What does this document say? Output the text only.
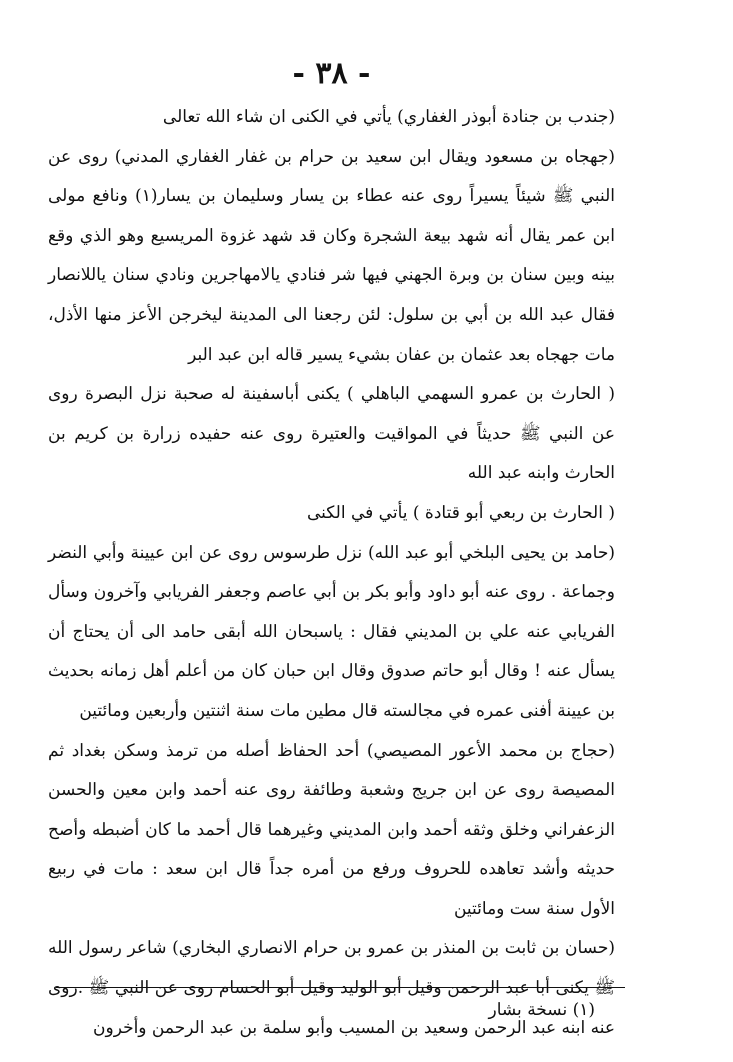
- ٣٨ -

(جندب بن جنادة أبوذر الغفاري) يأتي في الكنى ان شاء الله تعالى

(جهجاه بن مسعود ويقال ابن سعيد بن حرام بن غفار الغفاري المدني) روى عن النبي ﷺ شيئاً يسيراً روى عنه عطاء بن يسار وسليمان بن يسار(١) ونافع مولى ابن عمر يقال أنه شهد بيعة الشجرة وكان قد شهد غزوة المريسيع وهو الذي وقع بينه وبين سنان بن وبرة الجهني فيها شر فنادي يالامهاجرين ونادي سنان ياللانصار فقال عبد الله بن أبي بن سلول: لئن رجعنا الى المدينة ليخرجن الأعز منها الأذل، مات جهجاه بعد عثمان بن عفان بشيء يسير قاله ابن عبد البر

( الحارث بن عمرو السهمي الباهلي ) يكنى أباسفينة له صحبة نزل البصرة روى عن النبي ﷺ حديثاً في المواقيت والعتيرة روى عنه حفيده زرارة بن كريم بن الحارث وابنه عبد الله

( الحارث بن ربعي أبو قتادة ) يأتي في الكنى

(حامد بن يحيى البلخي أبو عبد الله) نزل طرسوس روى عن ابن عيينة وأبي النضر وجماعة . روى عنه أبو داود وأبو بكر بن أبي عاصم وجعفر الفريابي وآخرون وسأل الفريابي عنه علي بن المديني فقال : ياسبحان الله أبقى حامد الى أن يحتاج أن يسأل عنه ! وقال أبو حاتم صدوق وقال ابن حبان كان من أعلم أهل زمانه بحديث بن عيينة أفنى عمره في مجالسته قال مطين مات سنة اثنتين وأربعين ومائتين

(حجاج بن محمد الأعور المصيصي) أحد الحفاظ أصله من ترمذ وسكن بغداد ثم المصيصة روى عن ابن جريج وشعبة وطائفة روى عنه أحمد وابن معين والحسن الزعفراني وخلق وثقه أحمد وابن المديني وغيرهما قال أحمد ما كان أضبطه وأصح حديثه وأشد تعاهده للحروف ورفع من أمره جداً قال ابن سعد : مات في ربيع الأول سنة ست ومائتين

(حسان بن ثابت بن المنذر بن عمرو بن حرام الانصاري البخاري) شاعر رسول الله ﷺ يكنى أبا عبد الرحمن وقيل أبو الوليد وقيل أبو الحسام روى عن النبي ﷺ .روى عنه ابنه عبد الرحمن وسعيد بن المسيب وأبو سلمة بن عبد الرحمن وأخرون

(١) نسخة بشار
